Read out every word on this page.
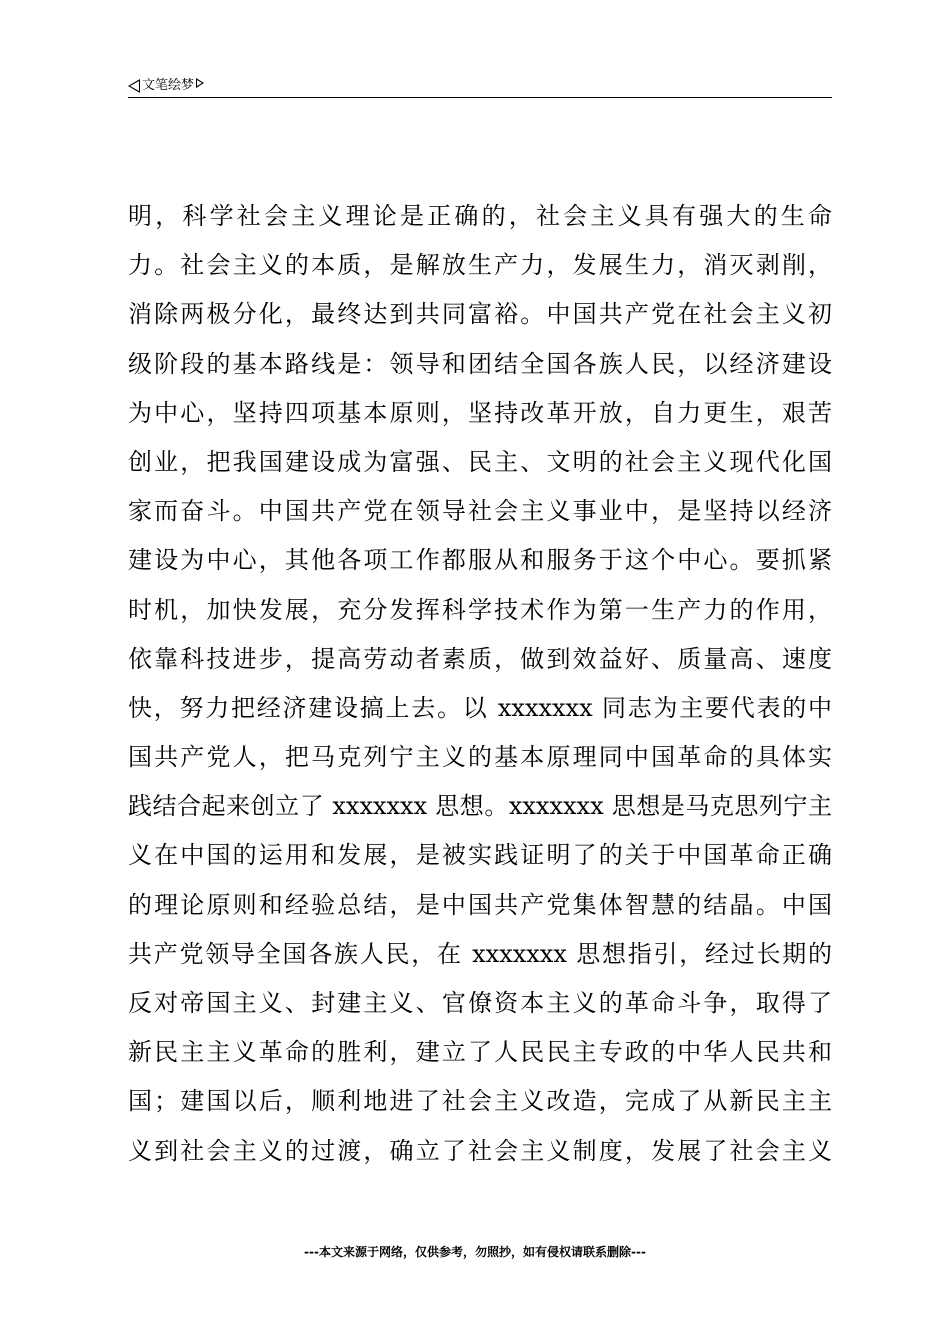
文笔绘梦
明，科学社会主义理论是正确的，社会主义具有强大的生命
力。社会主义的本质，是解放生产力，发展生力，消灭剥削，
消除两极分化，最终达到共同富裕。中国共产党在社会主义初
级阶段的基本路线是：领导和团结全国各族人民，以经济建设
为中心，坚持四项基本原则，坚持改革开放，自力更生，艰苦
创业，把我国建设成为富强、民主、文明的社会主义现代化国
家而奋斗。中国共产党在领导社会主义事业中，是坚持以经济
建设为中心，其他各项工作都服从和服务于这个中心。要抓紧
时机，加快发展，充分发挥科学技术作为第一生产力的作用，
依靠科技进步，提高劳动者素质，做到效益好、质量高、速度
快，努力把经济建设搞上去。以 xxxxxxx 同志为主要代表的中
国共产党人，把马克列宁主义的基本原理同中国革命的具体实
践结合起来创立了 xxxxxxx 思想。xxxxxxx 思想是马克思列宁主
义在中国的运用和发展，是被实践证明了的关于中国革命正确
的理论原则和经验总结，是中国共产党集体智慧的结晶。中国
共产党领导全国各族人民，在 xxxxxxx 思想指引，经过长期的
反对帝国主义、封建主义、官僚资本主义的革命斗争，取得了
新民主主义革命的胜利，建立了人民民主专政的中华人民共和
国；建国以后，顺利地进了社会主义改造，完成了从新民主主
义到社会主义的过渡，确立了社会主义制度，发展了社会主义
---本文来源于网络，仅供参考，勿照抄，如有侵权请联系删除---
